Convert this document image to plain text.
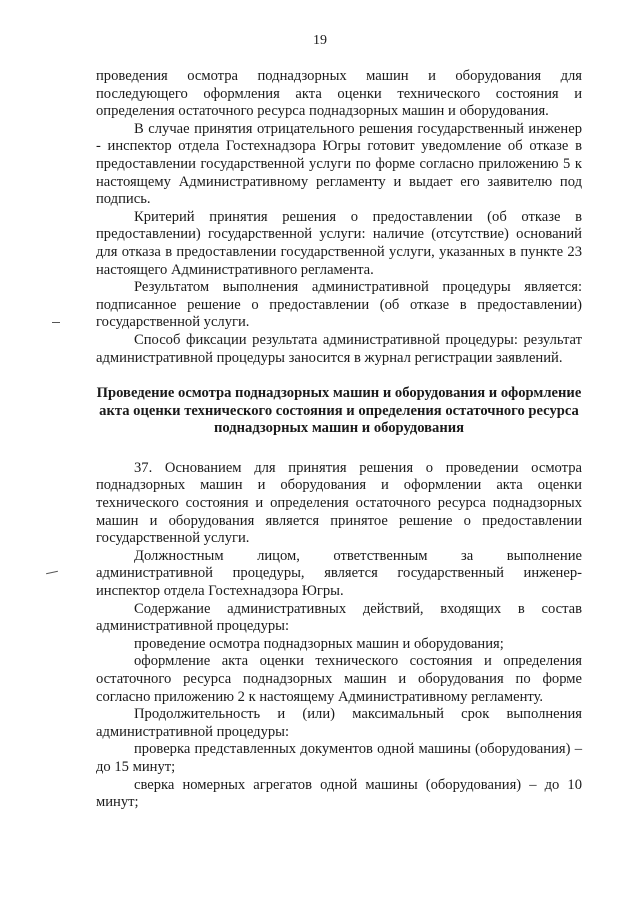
19

проведения осмотра поднадзорных машин и оборудования для последующего оформления акта оценки технического состояния и определения остаточного ресурса поднадзорных машин и оборудования.

В случае принятия отрицательного решения государственный инженер - инспектор отдела Гостехнадзора Югры готовит уведомление об отказе в предоставлении государственной услуги по форме согласно приложению 5 к настоящему Административному регламенту и выдает его заявителю под подпись.

Критерий принятия решения о предоставлении (об отказе в предоставлении) государственной услуги: наличие (отсутствие) оснований для отказа в предоставлении государственной услуги, указанных в пункте 23 настоящего Административного регламента.

Результатом выполнения административной процедуры является: подписанное решение о предоставлении (об отказе в предоставлении) государственной услуги.

Способ фиксации результата административной процедуры: результат административной процедуры заносится в журнал регистрации заявлений.

Проведение осмотра поднадзорных машин и оборудования и оформление акта оценки технического состояния и определения остаточного ресурса поднадзорных машин и оборудования

37. Основанием для принятия решения о проведении осмотра поднадзорных машин и оборудования и оформлении акта оценки технического состояния и определения остаточного ресурса поднадзорных машин и оборудования является принятое решение о предоставлении государственной услуги.

Должностным лицом, ответственным за выполнение административной процедуры, является государственный инженер-инспектор отдела Гостехнадзора Югры.

Содержание административных действий, входящих в состав административной процедуры:

проведение осмотра поднадзорных машин и оборудования;

оформление акта оценки технического состояния и определения остаточного ресурса поднадзорных машин и оборудования по форме согласно приложению 2 к настоящему Административному регламенту.

Продолжительность и (или) максимальный срок выполнения административной процедуры:

проверка представленных документов одной машины (оборудования) – до 15 минут;

сверка номерных агрегатов одной машины (оборудования) – до 10 минут;
